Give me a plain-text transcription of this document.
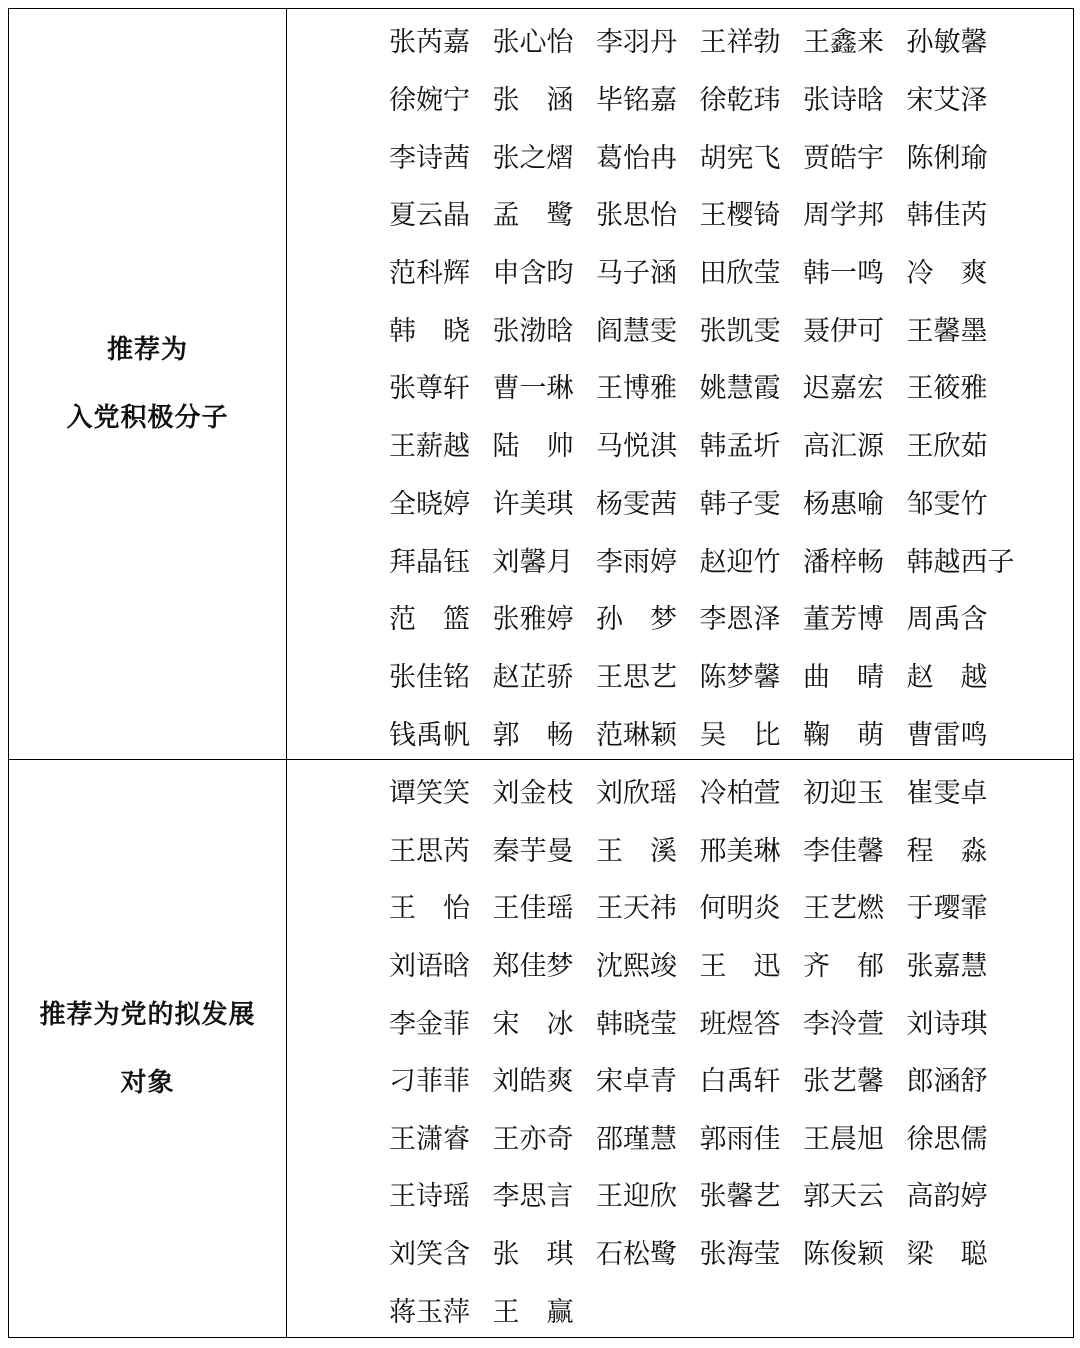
推荐为
入党积极分子
张芮嘉 张心怡 李羽丹 王祥勃 王鑫来 孙敏馨
徐婉宁 张　涵 毕铭嘉 徐乾玮 张诗晗 宋艾泽
李诗茜 张之熠 葛怡冉 胡宪飞 贾皓宇 陈俐瑜
夏云晶 孟　鹭 张思怡 王樱锜 周学邦 韩佳芮
范科辉 申含昀 马子涵 田欣莹 韩一鸣 冷　爽
韩　晓 张渤晗 阎慧雯 张凯雯 聂伊可 王馨墨
张尊轩 曹一琳 王博雅 姚慧霞 迟嘉宏 王筱雅
王薪越 陆　帅 马悦淇 韩孟圻 高汇源 王欣茹
全晓婷 许美琪 杨雯茜 韩子雯 杨惠喻 邹雯竹
拜晶钰 刘馨月 李雨婷 赵迎竹 潘梓畅 韩越西子
范　篮 张雅婷 孙　梦 李恩泽 董芳博 周禹含
张佳铭 赵芷骄 王思艺 陈梦馨 曲　晴 赵　越
钱禹帆 郭　畅 范琳颖 吴　比 鞠　萌 曹雷鸣
推荐为党的拟发展
对象
谭笑笑 刘金枝 刘欣瑶 冷柏萱 初迎玉 崔雯卓
王思芮 秦芋曼 王　溪 邢美琳 李佳馨 程　淼
王　怡 王佳瑶 王天祎 何明炎 王艺燃 于璎霏
刘语晗 郑佳梦 沈熙竣 王　迅 齐　郁 张嘉慧
李金菲 宋　冰 韩晓莹 班煜答 李泠萱 刘诗琪
刁菲菲 刘皓爽 宋卓青 白禹轩 张艺馨 郎涵舒
王潇睿 王亦奇 邵瑾慧 郭雨佳 王晨旭 徐思儒
王诗瑶 李思言 王迎欣 张馨艺 郭天云 高韵婷
刘笑含 张　琪 石松鹭 张海莹 陈俊颖 梁　聪
蒋玉萍 王　赢
